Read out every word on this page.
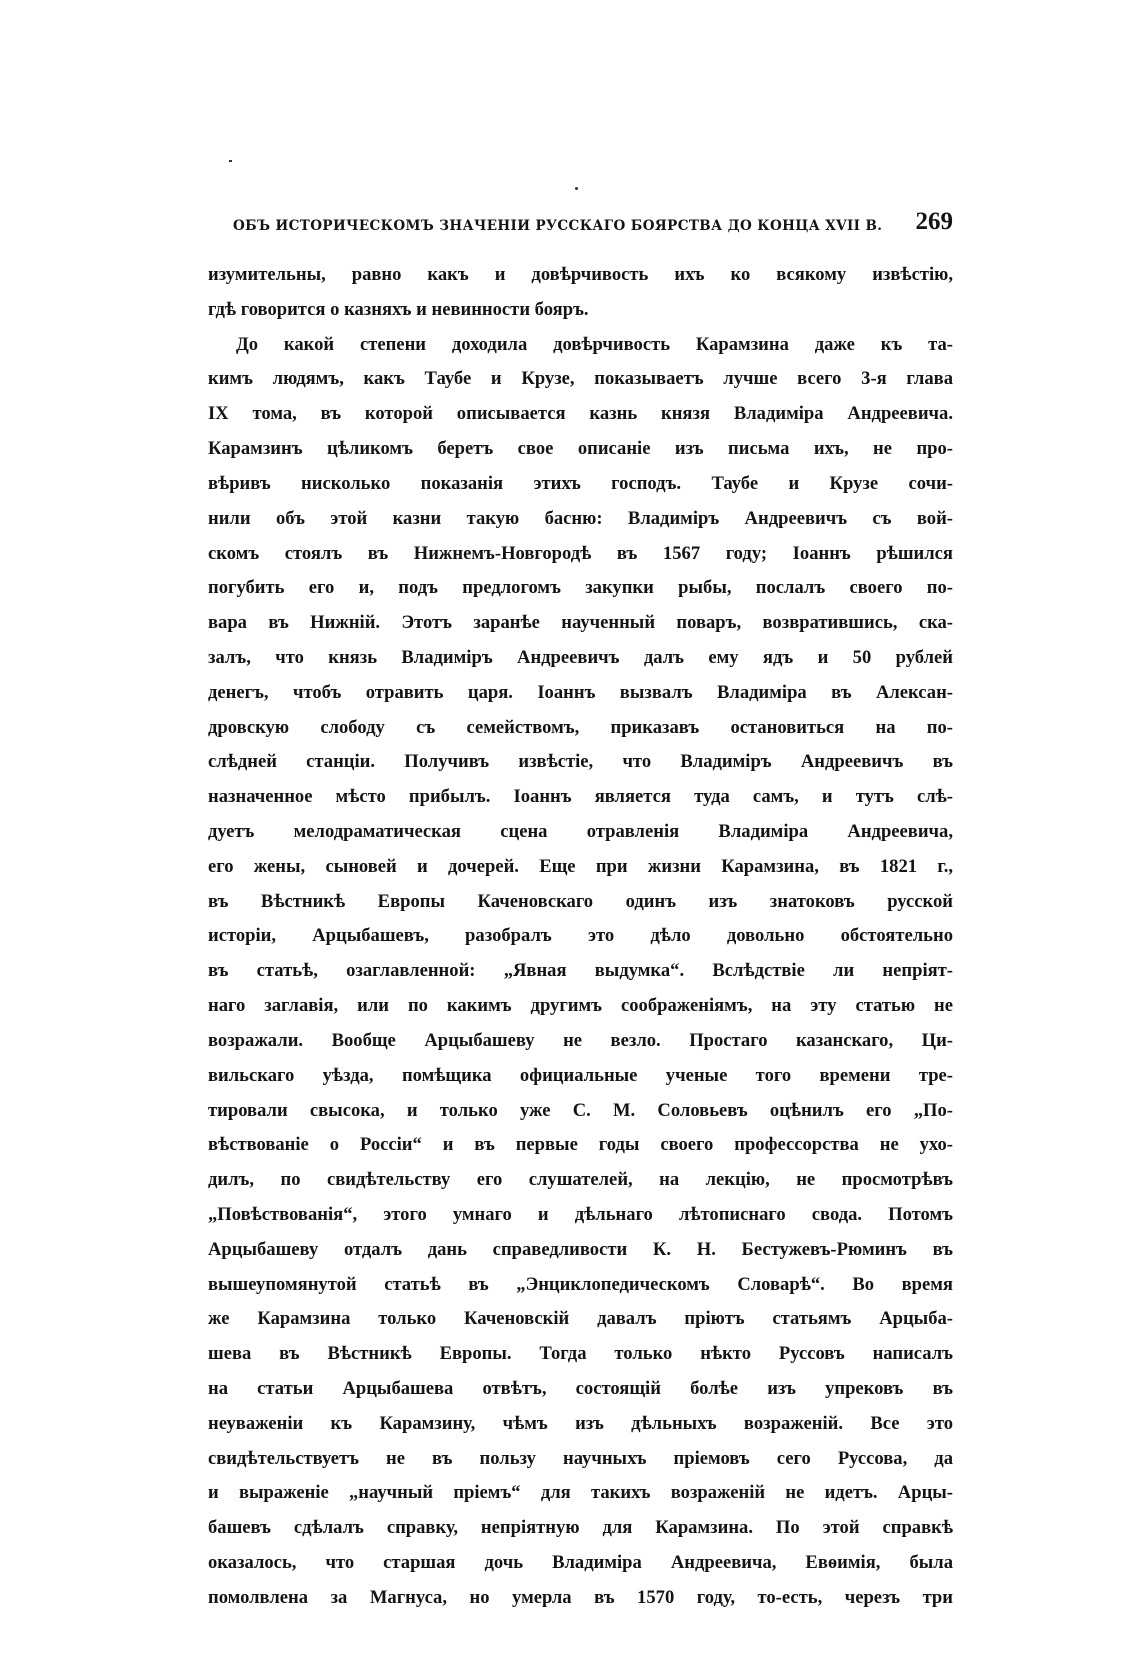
ОБЪ ИСТОРИЧЕСКОМЪ ЗНАЧЕНІИ РУССКАГО БОЯРСТВА ДО КОНЦА XVII В. 269
изумительны, равно какъ и довѣрчивость ихъ ко всякому извѣстію,
гдѣ говорится о казняхъ и невинности бояръ.
До какой степени доходила довѣрчивость Карамзина даже къ та-
кимъ людямъ, какъ Таубе и Крузе, показываетъ лучше всего 3-я глава
IX тома, въ которой описывается казнь князя Владиміра Андреевича.
Карамзинъ цѣликомъ беретъ свое описаніе изъ письма ихъ, не про-
вѣривъ нисколько показанія этихъ господъ. Таубе и Крузе сочи-
нили объ этой казни такую басню: Владиміръ Андреевичъ съ вой-
скомъ стоялъ въ Нижнемъ-Новгородѣ въ 1567 году; Іоаннъ рѣшился
погубить его и, подъ предлогомъ закупки рыбы, послалъ своего по-
вара въ Нижній. Этотъ заранѣе наученный поваръ, возвратившись, ска-
залъ, что князь Владиміръ Андреевичъ далъ ему ядъ и 50 рублей
денегъ, чтобъ отравить царя. Іоаннъ вызвалъ Владиміра въ Алексан-
дровскую слободу съ семействомъ, приказавъ остановиться на по-
слѣдней станціи. Получивъ извѣстіе, что Владиміръ Андреевичъ въ
назначенное мѣсто прибылъ. Іоаннъ является туда самъ, и тутъ слѣ-
дуетъ мелодраматическая сцена отравленія Владиміра Андреевича,
его жены, сыновей и дочерей. Еще при жизни Карамзина, въ 1821 г.,
въ Вѣстникѣ Европы Каченовскаго одинъ изъ знатоковъ русской
исторіи, Арцыбашевъ, разобралъ это дѣло довольно обстоятельно
въ статьѣ, озаглавленной: „Явная выдумка“. Вслѣдствіе ли непріят-
наго заглавія, или по какимъ другимъ соображеніямъ, на эту статью не
возражали. Вообще Арцыбашеву не везло. Простаго казанскаго, Ци-
вильскаго уѣзда, помѣщика официальные ученые того времени тре-
тировали свысока, и только уже С. М. Соловьевъ оцѣнилъ его „По-
вѣствованіе о Россіи“ и въ первые годы своего профессорства не ухо-
дилъ, по свидѣтельству его слушателей, на лекцію, не просмотрѣвъ
„Повѣствованія“, этого умнаго и дѣльнаго лѣтописнаго свода. Потомъ
Арцыбашеву отдалъ дань справедливости К. Н. Бестужевъ-Рюминъ въ
вышеупомянутой статьѣ въ „Энциклопедическомъ Словарѣ“. Во время
же Карамзина только Каченовскій давалъ пріютъ статьямъ Арцыба-
шева въ Вѣстникѣ Европы. Тогда только нѣкто Руссовъ написалъ
на статьи Арцыбашева отвѣтъ, состоящій болѣе изъ упрековъ въ
неуваженіи къ Карамзину, чѣмъ изъ дѣльныхъ возраженій. Все это
свидѣтельствуетъ не въ пользу научныхъ пріемовъ сего Руссова, да
и выраженіе „научный пріемъ“ для такихъ возраженій не идетъ. Арцы-
башевъ сдѣлалъ справку, непріятную для Карамзина. По этой справкѣ
оказалось, что старшая дочь Владиміра Андреевича, Евѳимія, была
помолвлена за Магнуса, но умерла въ 1570 году, то-есть, черезъ три
